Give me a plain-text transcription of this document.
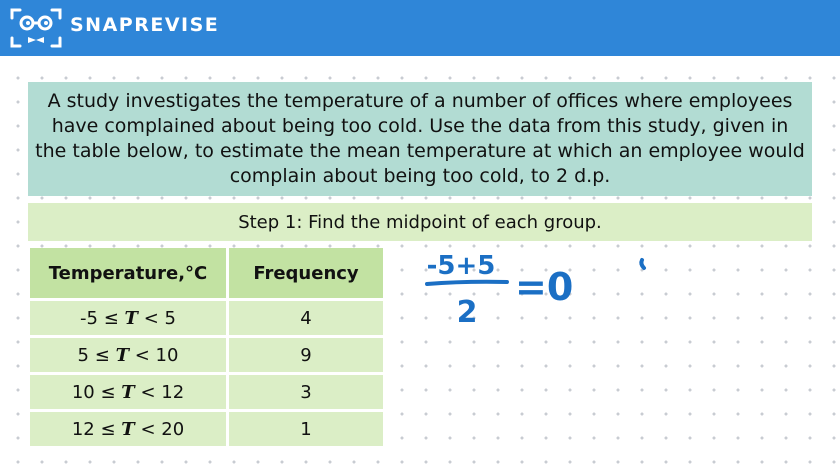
SNAPREVISE
A study investigates the temperature of a number of offices where employees have complained about being too cold. Use the data from this study, given in the table below, to estimate the mean temperature at which an employee would complain about being too cold, to 2 d.p.
Step 1: Find the midpoint of each group.
Temperature,°C	Frequency
-5 ≤ T < 5	4
5 ≤ T < 10	9
10 ≤ T < 12	3
12 ≤ T < 20	1
-5+5
2
=0
